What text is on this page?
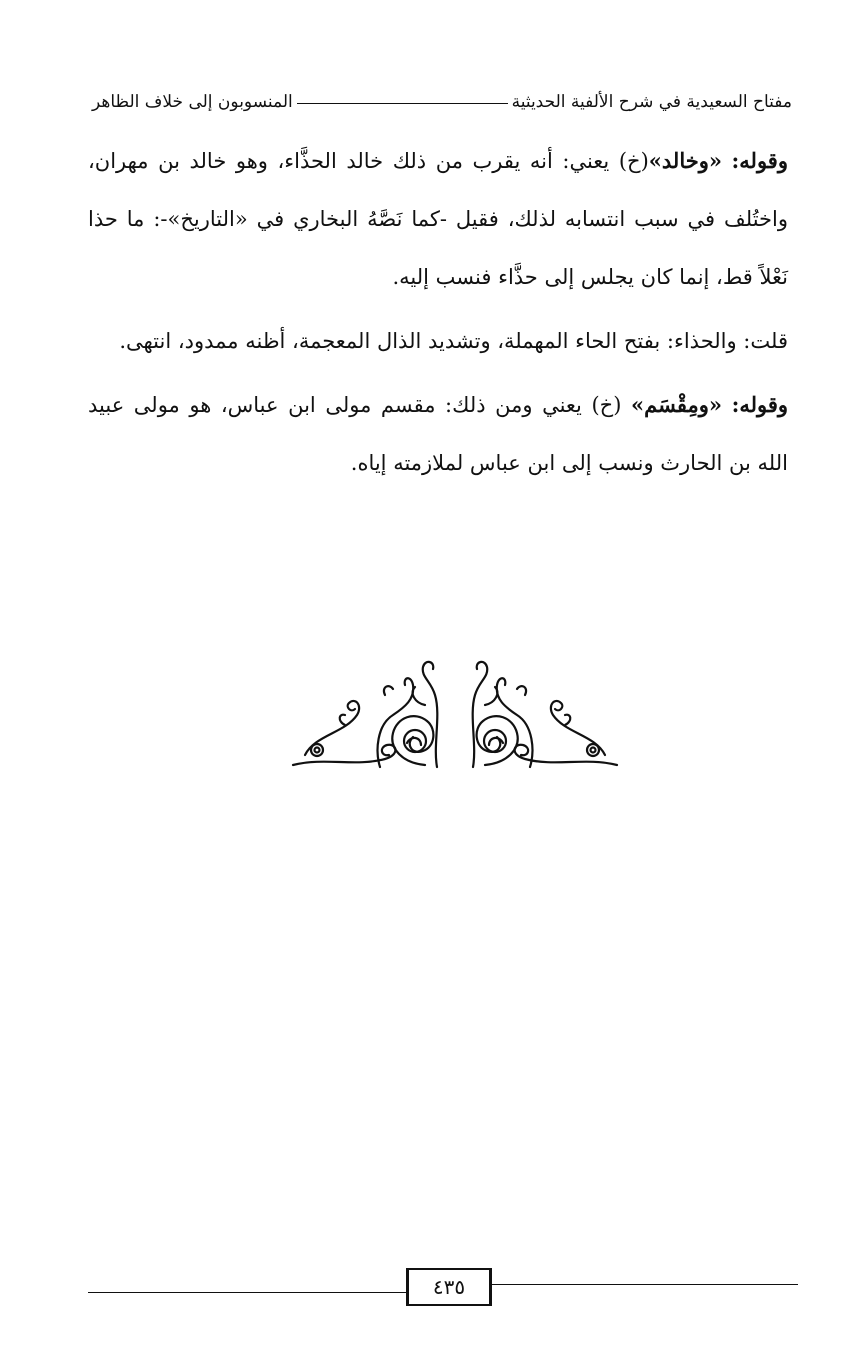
مفتاح السعيدية في شرح الألفية الحديثية
المنسوبون إلى خلاف الظاهر

وقوله: «وخالد»(خ) يعني: أنه يقرب من ذلك خالد الحذَّاء، وهو خالد بن مهران، واختُلف في سبب انتسابه لذلك، فقيل -كما نَصَّهُ البخاري في «التاريخ»-: ما حذا نَعْلاً قط، إنما كان يجلس إلى حذَّاء فنسب إليه.

قلت: والحذاء: بفتح الحاء المهملة، وتشديد الذال المعجمة، أظنه ممدود، انتهى.

وقوله: «ومِقْسَم» (خ) يعني ومن ذلك: مقسم مولى ابن عباس، هو مولى عبيد الله بن الحارث ونسب إلى ابن عباس لملازمته إياه.

٤٣٥
